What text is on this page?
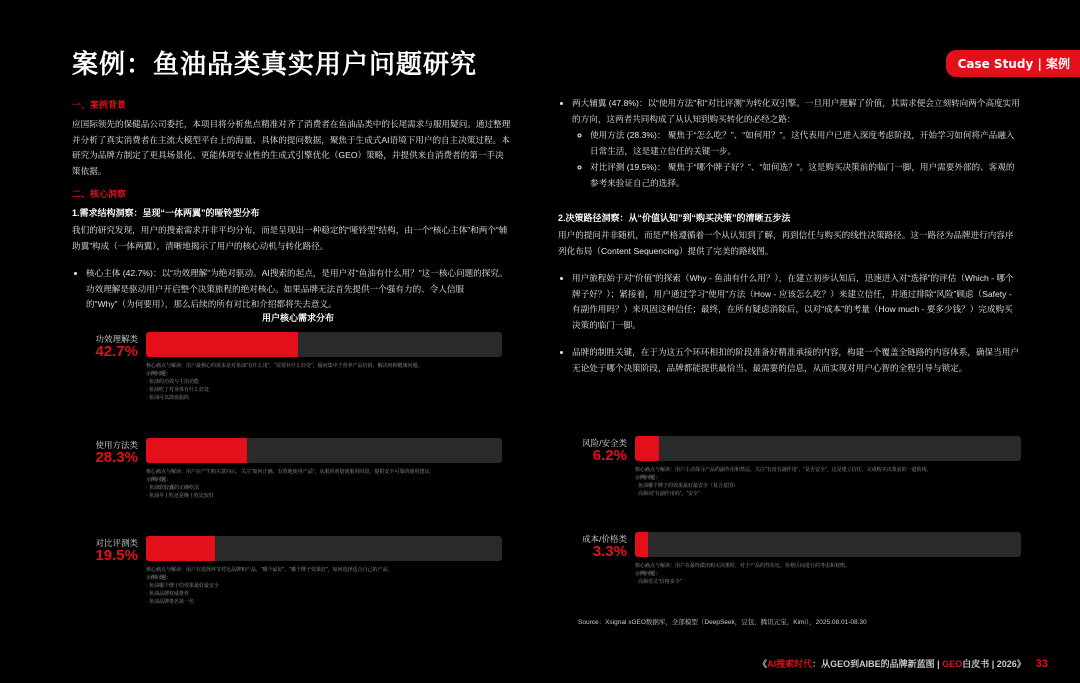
案例：鱼油品类真实用户问题研究	Case Study | 案例
一、案例背景

应国际领先的保健品公司委托，本项目将分析焦点精准对齐了消费者在鱼油品类中的长尾需求与服用疑问。通过整理并分析了真实消费者在主流大模型平台上的海量、具体的提问数据，聚焦于生成式AI语境下用户的自主决策过程。本研究为品牌方制定了更具场景化、更能体现专业性的生成式引擎优化（GEO）策略，并提供来自消费者的第一手决策依据。

二、核心洞察
1.需求结构洞察：呈现“一体两翼”的哑铃型分布

我们的研究发现，用户的搜索需求并非平均分布，而是呈现出一种稳定的“哑铃型”结构，由一个“核心主体”和两个“辅助翼”构成（一体两翼），清晰地揭示了用户的核心动机与转化路径。

• 核心主体 (42.7%)：以“功效理解”为绝对驱动。AI搜索的起点，是用户对“鱼油有什么用？”这一核心问题的探究。功效理解是驱动用户开启整个决策旅程的绝对核心。如果品牌无法首先提供一个强有力的、令人信服的“Why”（为何要用），那么后续的所有对比和介绍都将失去意义。
• 两大辅翼 (47.8%)：以“使用方法”和“对比评测”为转化双引擎。一旦用户理解了价值，其需求便会立刻转向两个高度实用的方向，这两者共同构成了从认知到购买转化的必经之路：
◦ 使用方法 (28.3%)： 聚焦于“怎么吃？”、“如何用？”。这代表用户已进入深度考虑阶段，开始学习如何将产品融入日常生活，这是建立信任的关键一步。
◦ 对比评测 (19.5%)： 聚焦于“哪个牌子好？”、“如何选？”。这是购买决策前的临门一脚，用户需要外部的、客观的参考来验证自己的选择。
2.决策路径洞察：从“价值认知”到“购买决策”的清晰五步法

用户的提问并非随机，而是严格遵循着一个从认知到了解，再到信任与购买的线性决策路径。这一路径为品牌进行内容序列化布局（Content Sequencing）提供了完美的路线图。

• 用户旅程始于对“价值”的探索（Why - 鱼油有什么用？），在建立初步认知后，迅速进入对“选择”的评估（Which - 哪个牌子好？）；紧接着，用户通过学习“使用”方法（How - 应该怎么吃？）来建立信任，并通过排除“风险”顾虑（Safety - 有副作用吗？）来巩固这种信任；最终，在所有疑虑消除后，以对“成本”的考量（How much - 要多少钱？）完成购买决策的临门一脚。
• 品牌的制胜关键，在于为这五个环环相扣的阶段准备好精准承接的内容，构建一个覆盖全链路的内容体系，确保当用户无论处于哪个决策阶段，品牌都能提供最恰当、最需要的信息，从而实现对用户心智的全程引导与锁定。
用户核心需求分布
功效理解类
42.7%
核心痛点与解读：用户最核心的需求是对鱼油“有什么用”、“需要补什么好处”，疑问集中于营养产品价值、解决何种健康问题。
示例问题：
· 鱼油的功效与主治功能
· 鱼油吃了对身体有什么好处
· 鱼油可以降血脂吗
使用方法类
28.3%
核心痛点与解读：用户在产生购买意向后，关注“如何正确、有效地使用产品”，从服用剂量到服用时段，提供安全可靠的使用建议。
示例问题：
· 鱼油软胶囊的正确吃法
· 鱼油早上吃还是晚上吃比较好
对比评测类
19.5%
核心痛点与解读：用户在选择环节对比品牌和产品，“哪个最好”、“哪个牌子效果好”，如何选择适合自己的产品。
示例问题：
· 鱼油哪个牌子的效果最好最安全
· 鱼油品牌权威推荐
· 鱼油品牌排名第一名
风险/安全类
6.2%
核心痛点与解读：用户主动探寻产品的副作用和禁忌，关注“有没有副作用”、“是否安全”，这是建立信任、完成购买决策前的一道防线。
示例问题：
· 鱼油哪个牌子的效果最好最安全（复合意图）
· 高频词“有副作用吗”、“安全”
成本/价格类
3.3%
核心痛点与解读：用户在最终做出购买决策时，对于产品的性价比、价格区间进行的考虑和权衡。
示例问题：
· 高频语义“价格多少”
Source：Xsignal xGEO数据库，全部模型（DeepSeek，豆包，腾讯元宝，Kimi），2025.08.01-08.30
《AI搜索时代：从GEO到AIBE的品牌新蓝图 | GEO白皮书 | 2026》 33
